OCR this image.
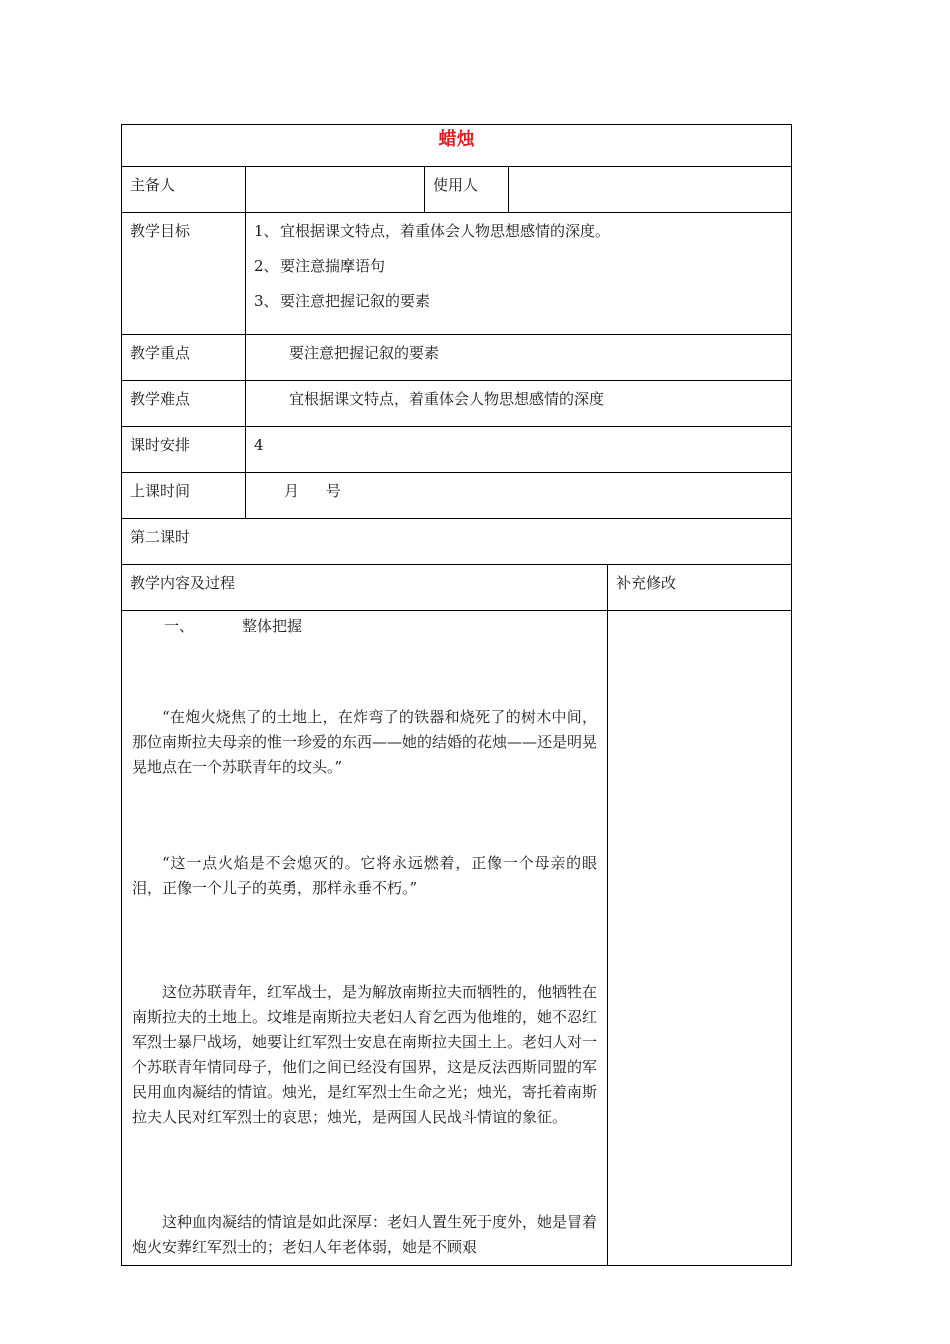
蜡烛				
主备人		使用人		
教学目标	1、宜根据课文特点，着重体会人物思想感情的深度。
2、要注意揣摩语句
3、要注意把握记叙的要素			

教学重点	要注意把握记叙的要素			
教学难点	宜根据课文特点，着重体会人物思想感情的深度			
课时安排	4			
上课时间	月 号			
第二课时				
教学内容及过程				补充修改

一、 整体把握

“在炮火烧焦了的土地上，在炸弯了的铁器和烧死了的树木中间，那位南斯拉夫母亲的惟一珍爱的东西——她的结婚的花烛——还是明晃晃地点在一个苏联青年的坟头。”

“这一点火焰是不会熄灭的。它将永远燃着，正像一个母亲的眼泪，正像一个儿子的英勇，那样永垂不朽。”

这位苏联青年，红军战士，是为解放南斯拉夫而牺牲的，他牺牲在南斯拉夫的土地上。坟堆是南斯拉夫老妇人育乞西为他堆的，她不忍红军烈士暴尸战场，她要让红军烈士安息在南斯拉夫国土上。老妇人对一个苏联青年情同母子，他们之间已经没有国界，这是反法西斯同盟的军民用血肉凝结的情谊。烛光，是红军烈士生命之光；烛光，寄托着南斯拉夫人民对红军烈士的哀思；烛光，是两国人民战斗情谊的象征。

这种血肉凝结的情谊是如此深厚：老妇人置生死于度外，她是冒着炮火安葬红军烈士的；老妇人年老体弱，她是不顾艰				
